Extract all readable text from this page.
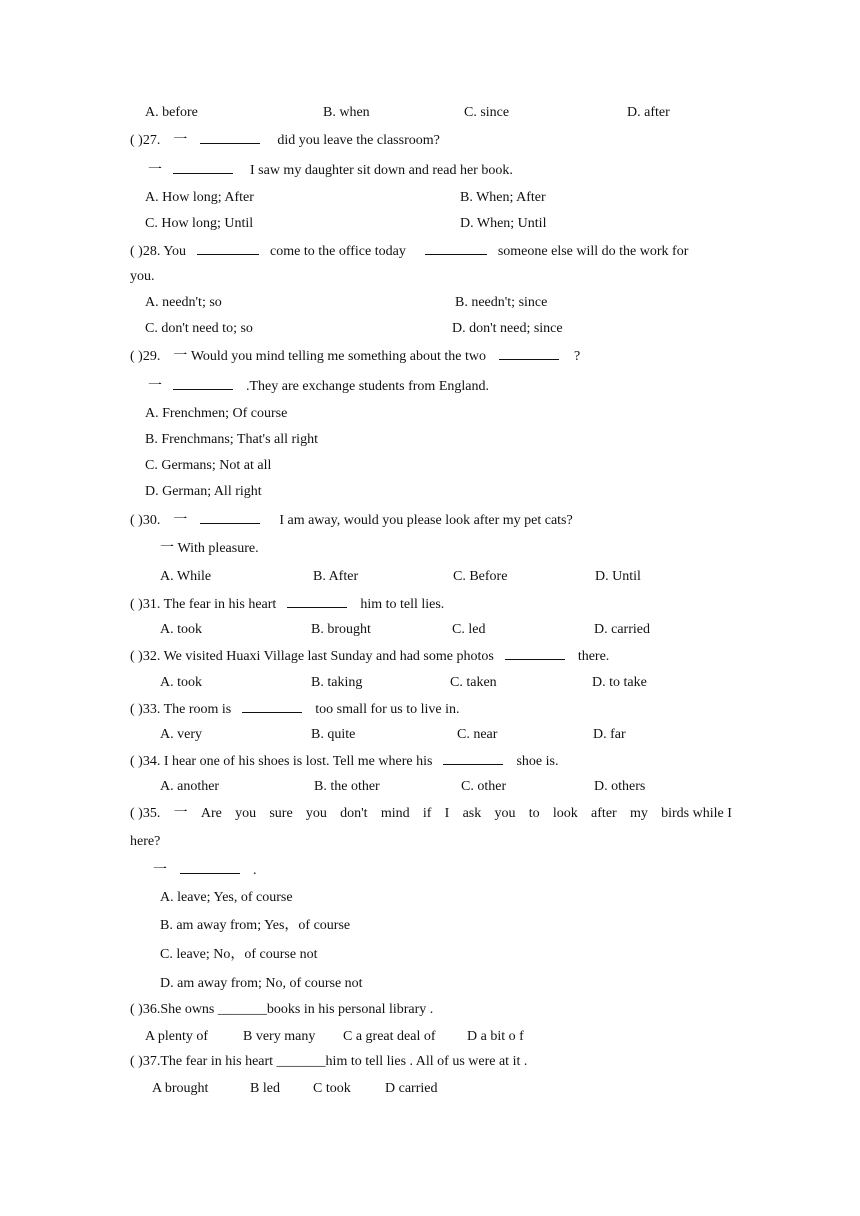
A. before	B. when	C. since	D. after
( )27. 一	did you leave the classroom?
一	I saw my daughter sit down and read her book.
A. How long; After	B. When; After
C. How long; Until	D. When; Until
( )28. You	come to the office today	someone else will do the work for
you.
A. needn't; so	B. needn't; since
C. don't need to; so	D. don't need; since
( )29. 一 Would you mind telling me something about the two	?
一	.They are exchange students from England.
A. Frenchmen; Of course
B. Frenchmans; That's all right
C. Germans; Not at all
D. German; All right
( )30. 一	I am away, would you please look after my pet cats?
一 With pleasure.
A. While	B. After	C. Before	D. Until
( )31. The fear in his heart	him to tell lies.
A. took	B. brought	C. led	D. carried
( )32. We visited Huaxi Village last Sunday and had some photos	there.
A. took	B. taking	C. taken	D. to take
( )33. The room is	too small for us to live in.
A. very	B. quite	C. near	D. far
( )34. I hear one of his shoes is lost. Tell me where his	shoe is.
A. another	B. the other	C. other	D. others
( )35. 一 Are you sure you don't mind if I ask you to look after my birds while I
here?
一	.
A. leave; Yes, of course
B. am away from; Yes，of course
C. leave; No，of course not
D. am away from; No, of course not
( )36.She owns _______books in his personal library .
A plenty of	B very many C a great deal of D a bit o f
( )37.The fear in his heart _______him to tell lies . All of us were at it .
A brought	B led C took D carried
